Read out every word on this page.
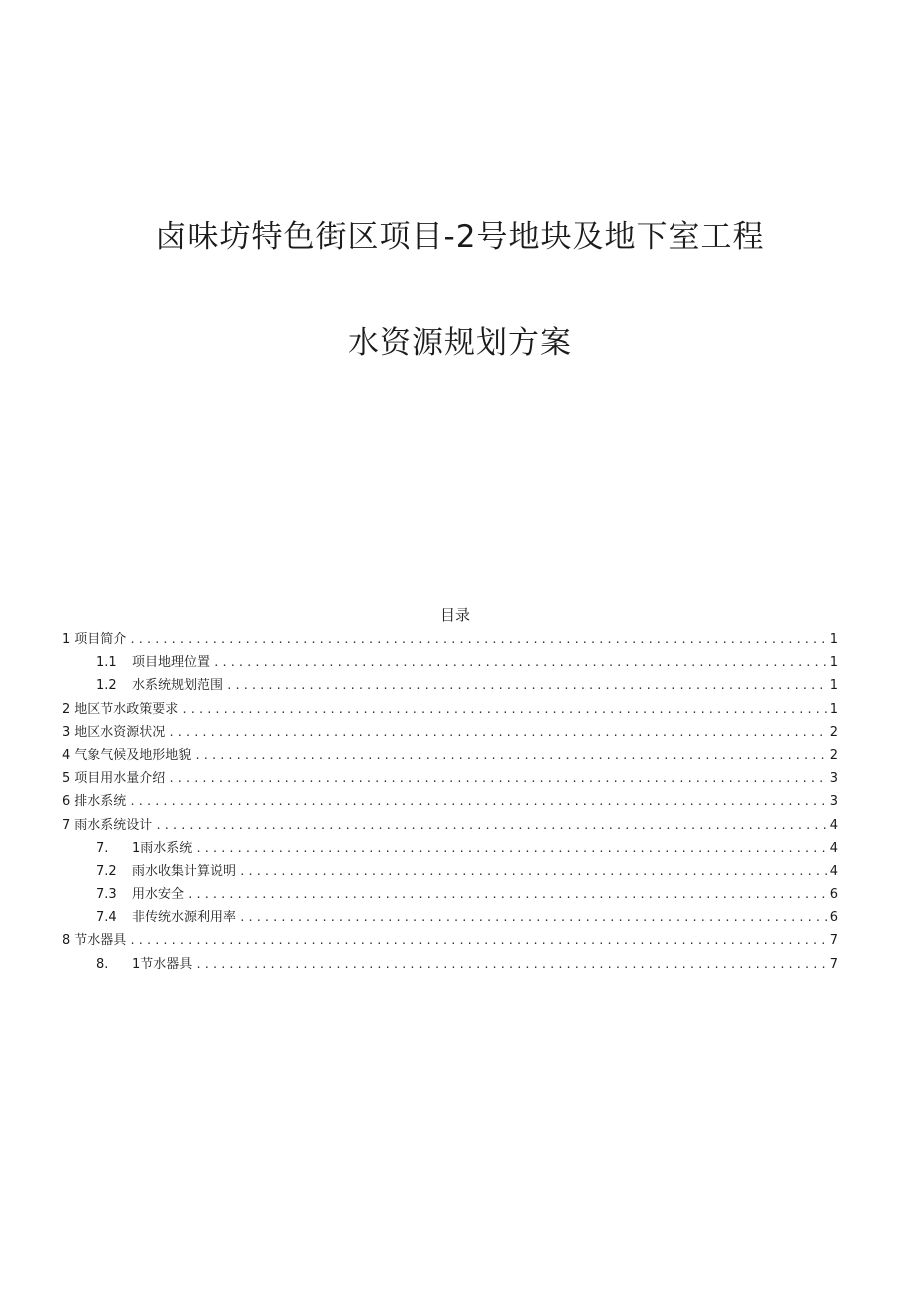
卤味坊特色街区项目-2号地块及地下室工程
水资源规划方案
目录
1 项目简介 .....	1
1.1	项目地理位置 .....	1
1.2	水系统规划范围 .....	1
2 地区节水政策要求 .....	1
3 地区水资源状况 .....	2
4 气象气候及地形地貌 .....	2
5 项目用水量介绍 .....	3
6 排水系统 .....	3
7 雨水系统设计 .....	4
7.	1雨水系统 .....	4
7.2	雨水收集计算说明 .....	4
7.3	用水安全 .....	6
7.4	非传统水源利用率 .....	6
8 节水器具 .....	7
8.	1节水器具 .....	7
